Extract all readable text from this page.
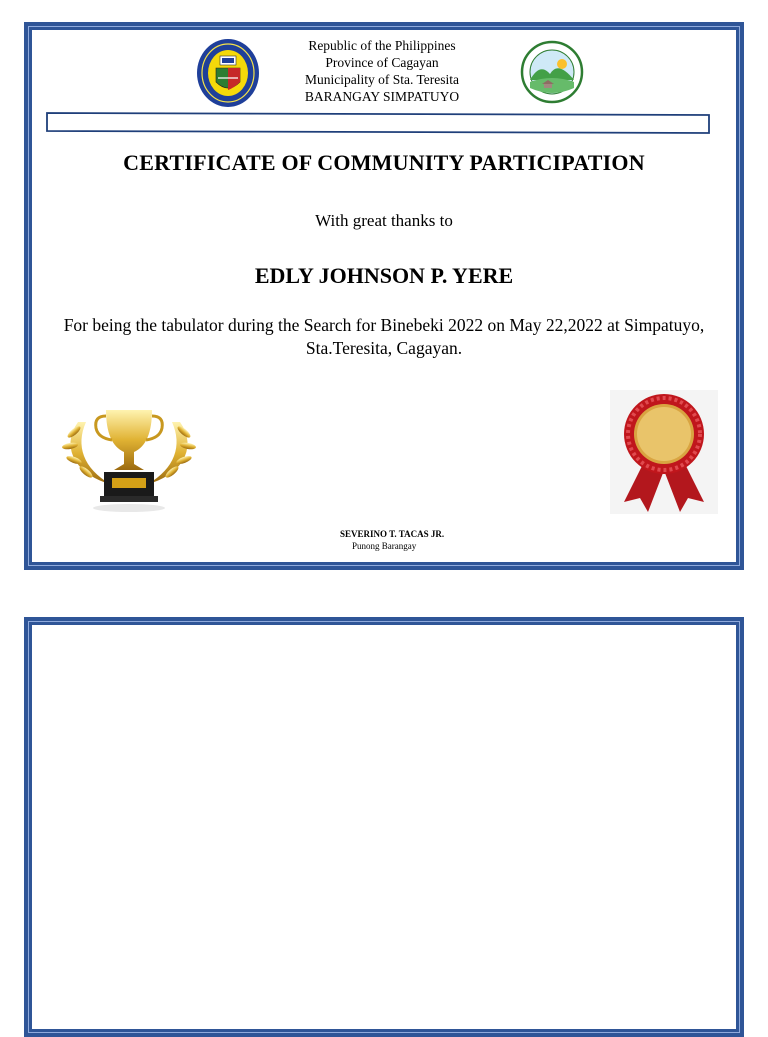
Republic of the Philippines
Province of Cagayan
Municipality of Sta. Teresita
BARANGAY SIMPATUYO
CERTIFICATE OF COMMUNITY PARTICIPATION
With great thanks to
EDLY JOHNSON P. YERE
For being the tabulator during the Search for Binebeki 2022 on May 22,2022 at Simpatuyo, Sta.Teresita, Cagayan.
SEVERINO T. TACAS JR.
Punong Barangay
